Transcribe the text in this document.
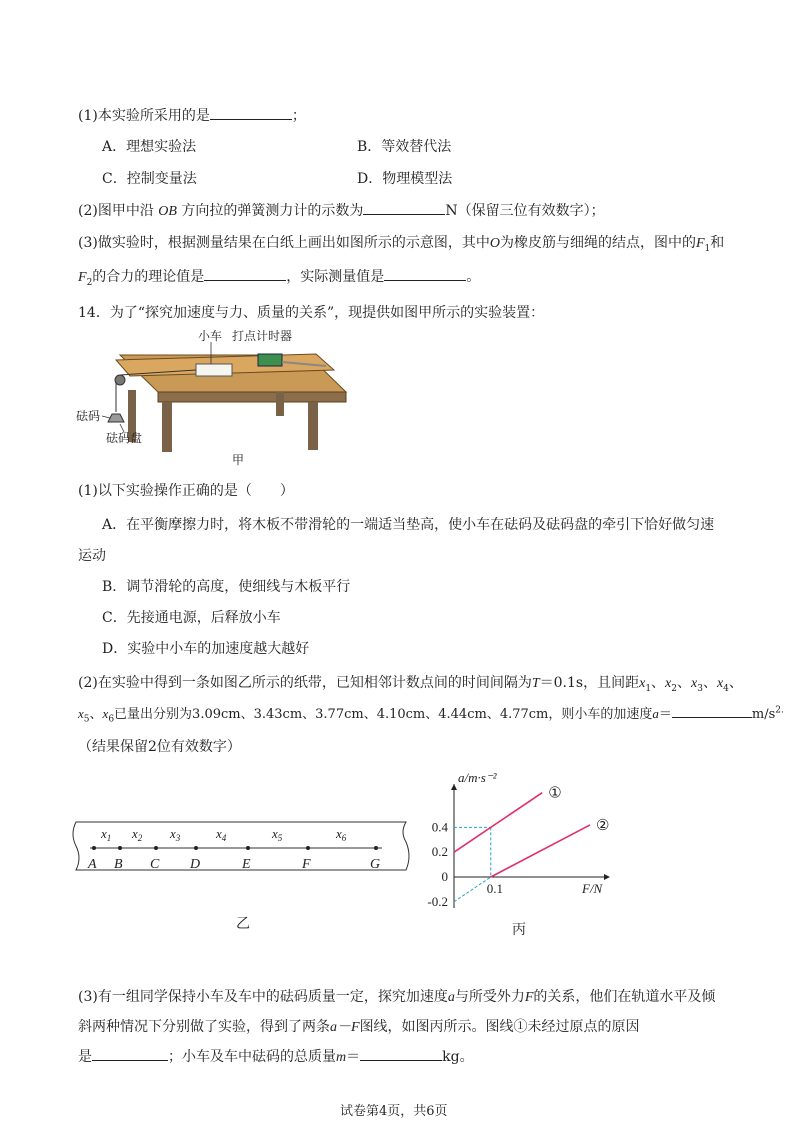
(1)本实验所采用的是	；
A．理想实验法	B．等效替代法
C．控制变量法	D．物理模型法
(2)图甲中沿 OB 方向拉的弹簧测力计的示数为	N（保留三位有效数字）；
(3)做实验时，根据测量结果在白纸上画出如图所示的示意图，其中O为橡皮筋与细绳的结点，图中的$F_1$和
$F_2$的合力的理论值是	，实际测量值是	。
14．为了“探究加速度与力、质量的关系”，现提供如图甲所示的实验装置：
小车 打点计时器
砝码
砝码盘
甲
(1)以下实验操作正确的是（　　）
A．在平衡摩擦力时，将木板不带滑轮的一端适当垫高，使小车在砝码及砝码盘的牵引下恰好做匀速
运动
B．调节滑轮的高度，使细线与木板平行
C．先接通电源，后释放小车
D．实验中小车的加速度越大越好
(2)在实验中得到一条如图乙所示的纸带，已知相邻计数点间的时间间隔为T＝0.1s，且间距$x_1$、$x_2$、$x_3$、$x_4$、
$x_5$、$x_6$已量出分别为3.09cm、3.43cm、3.77cm、4.10cm、4.44cm、4.77cm，则小车的加速度a＝	$m/s^{2.}$
（结果保留2位有效数字）
A B C D	E	F	G
$x_1$ $x_2$ $x_3$	$x_4$	$x_5$	$x_6$
乙
a/m·s⁻²
F/N
0.4
0.2
0
-0.2
0.1
①
②
丙
(3)有一组同学保持小车及车中的砝码质量一定，探究加速度a与所受外力F的关系，他们在轨道水平及倾
斜两种情况下分别做了实验，得到了两条a－F图线，如图丙所示。图线①未经过原点的原因
是	；小车及车中砝码的总质量m＝	kg。
试卷第4页，共6页
